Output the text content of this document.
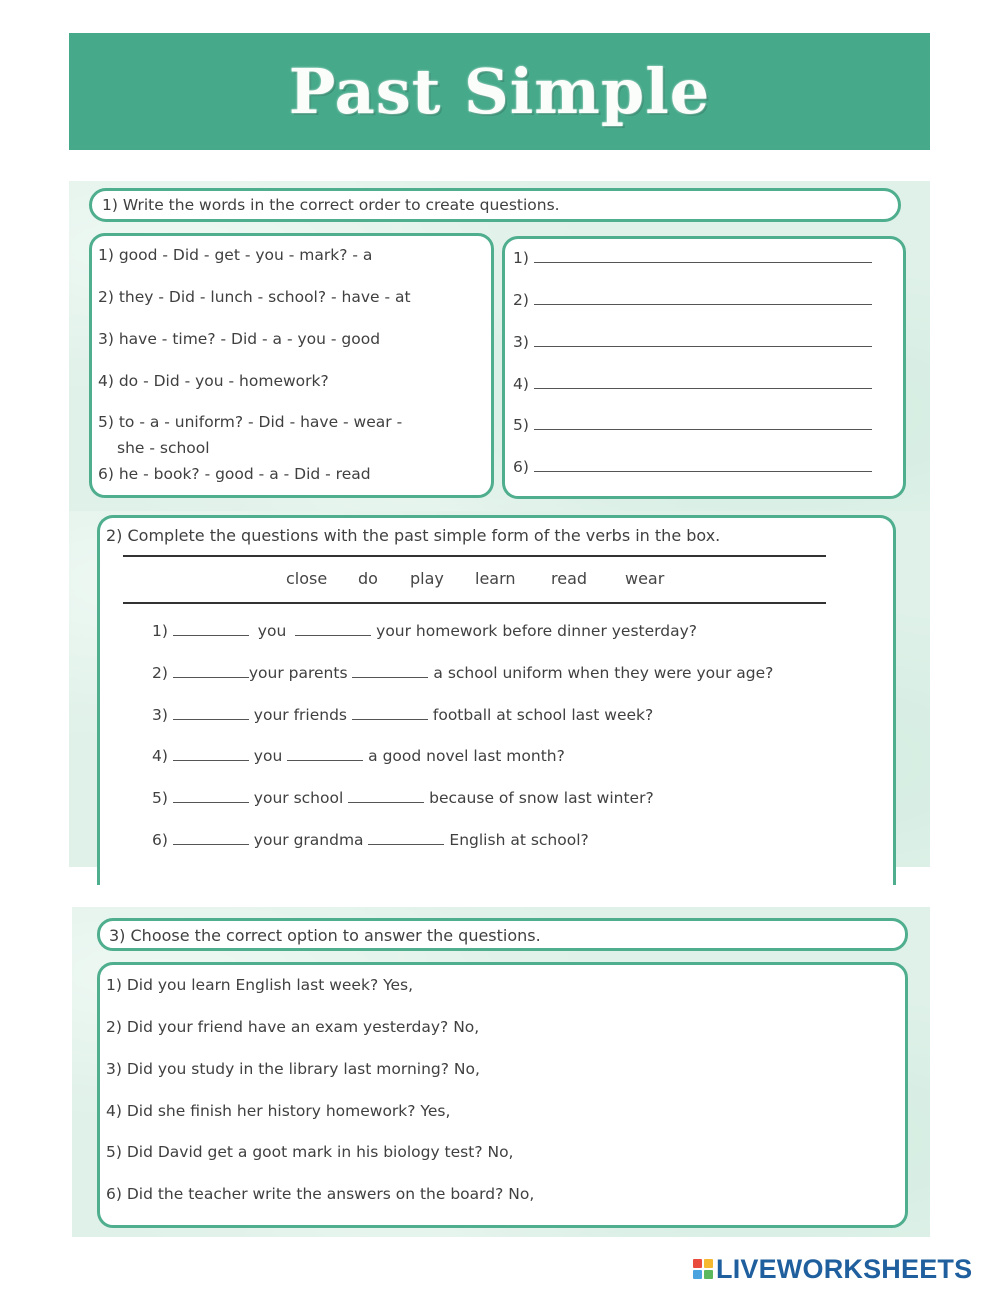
Past Simple
1) Write the words in the correct order to create questions.
1) good - Did - get - you - mark? - a
2) they - Did - lunch - school? - have - at
3) have - time? - Did - a - you - good
4) do - Did - you - homework?
5) to - a - uniform? - Did - have - wear -
she - school
6) he - book? - good - a - Did - read
1)
2)
3)
4)
5)
6)
2) Complete the questions with the past simple form of the verbs in the box.
close do play learn read wear
1)	you	your homework before dinner yesterday?
2)	your parents	a school uniform when they were your age?
3)	your friends	football at school last week?
4)	you	a good novel last month?
5)	your school	because of snow last winter?
6)	your grandma	English at school?
3) Choose the correct option to answer the questions.
1) Did you learn English last week? Yes,
2) Did your friend have an exam yesterday? No,
3) Did you study in the library last morning? No,
4) Did she finish her history homework? Yes,
5) Did David get a goot mark in his biology test? No,
6) Did the teacher write the answers on the board? No,
LIVEWORKSHEETS
